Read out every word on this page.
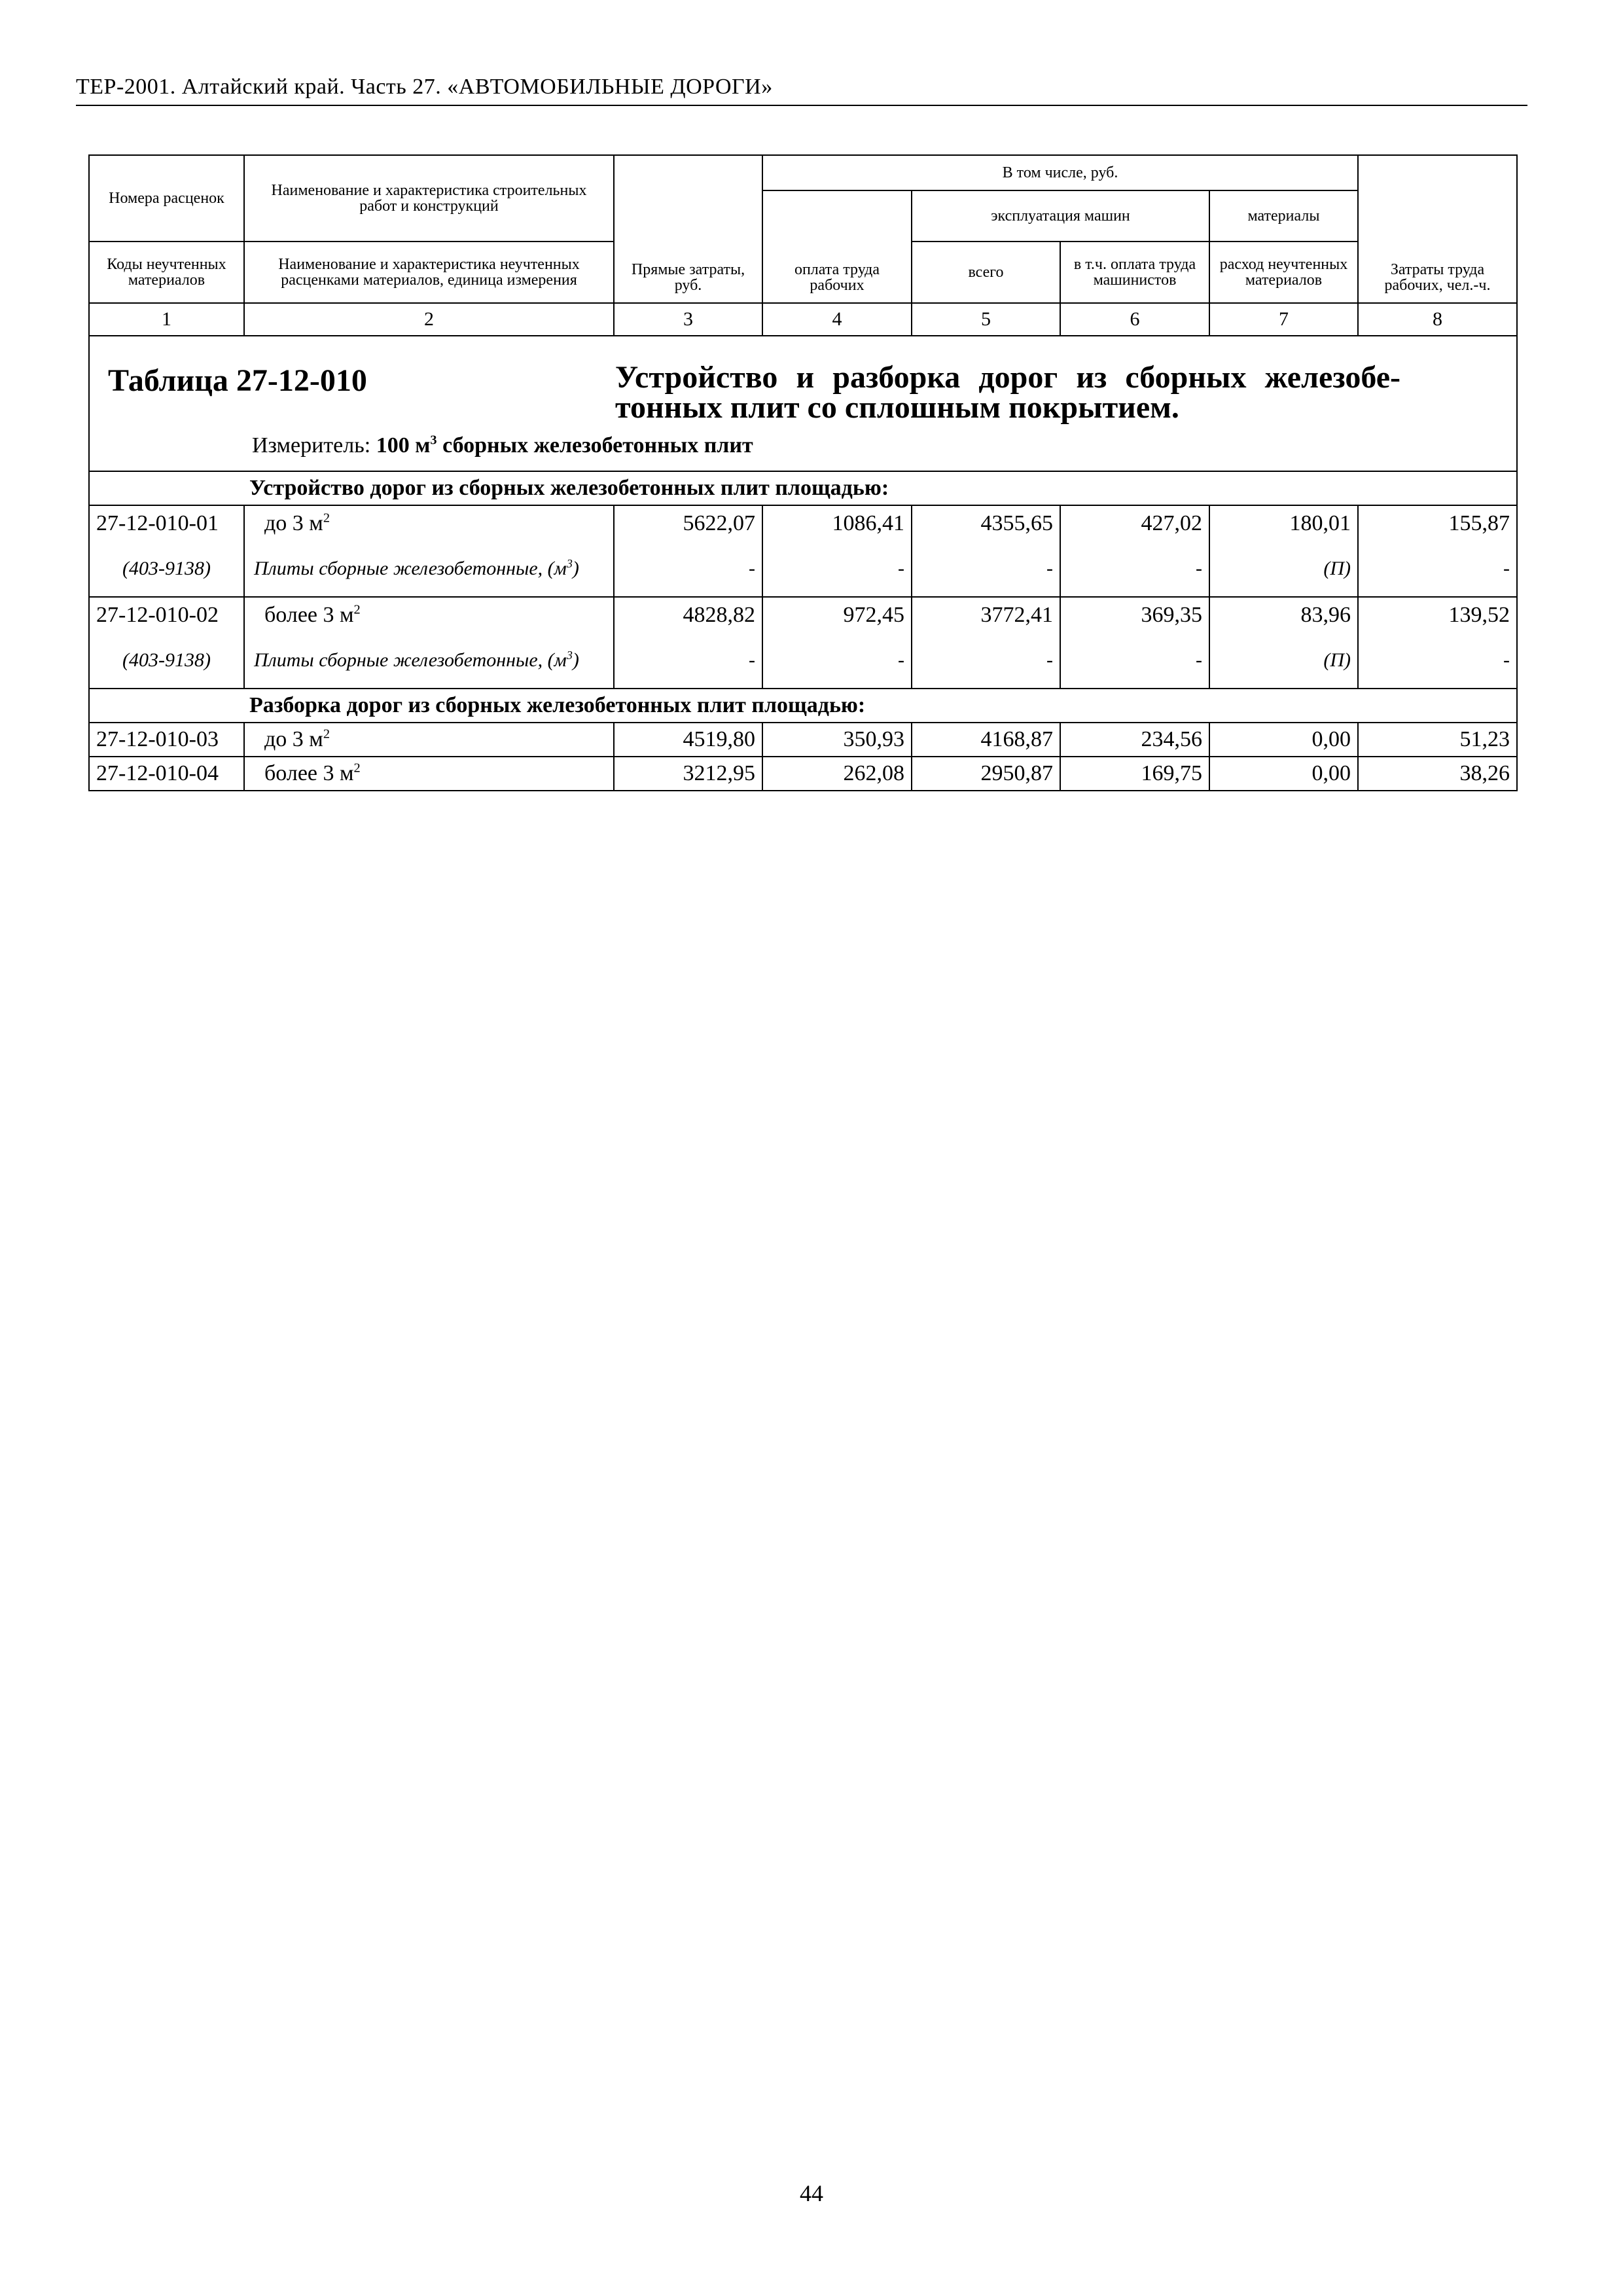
ТЕР-2001. Алтайский край. Часть 27. «АВТОМОБИЛЬНЫЕ ДОРОГИ»
Номера расценок	Наименование и характеристика строительных работ и конструкций	Прямые затраты, руб.	В том числе, руб.				Затраты труда рабочих, чел.-ч.
			оплата труда рабочих	эксплуатация машин		материалы	
Коды неучтенных материалов	Наименование и характеристика неучтенных расценками материалов, единица измерения			всего	в т.ч. оплата труда машинистов	расход неучтенных материалов	
1	2	3	4	5	6	7	8

Таблица 27-12-010 Устройство и разборка дорог из сборных железобе-тонных плит со сплошным покрытием.
Измеритель: 100 $м^3$ сборных железобетонных плит							

	Устройство дорог из сборных железобетонных плит площадью:						
27-12-010-01	до 3 $м^2$	5622,07	1086,41	4355,65	427,02	180,01	155,87
(403-9138)	Плиты сборные железобетонные, $(м^3)$	-	-	-	-	(П)	-
27-12-010-02	более 3 $м^2$	4828,82	972,45	3772,41	369,35	83,96	139,52
(403-9138)	Плиты сборные железобетонные, $(м^3)$	-	-	-	-	(П)	-
	Разборка дорог из сборных железобетонных плит площадью:						
27-12-010-03	до 3 $м^2$	4519,80	350,93	4168,87	234,56	0,00	51,23
27-12-010-04	более 3 $м^2$	3212,95	262,08	2950,87	169,75	0,00	38,26
44
